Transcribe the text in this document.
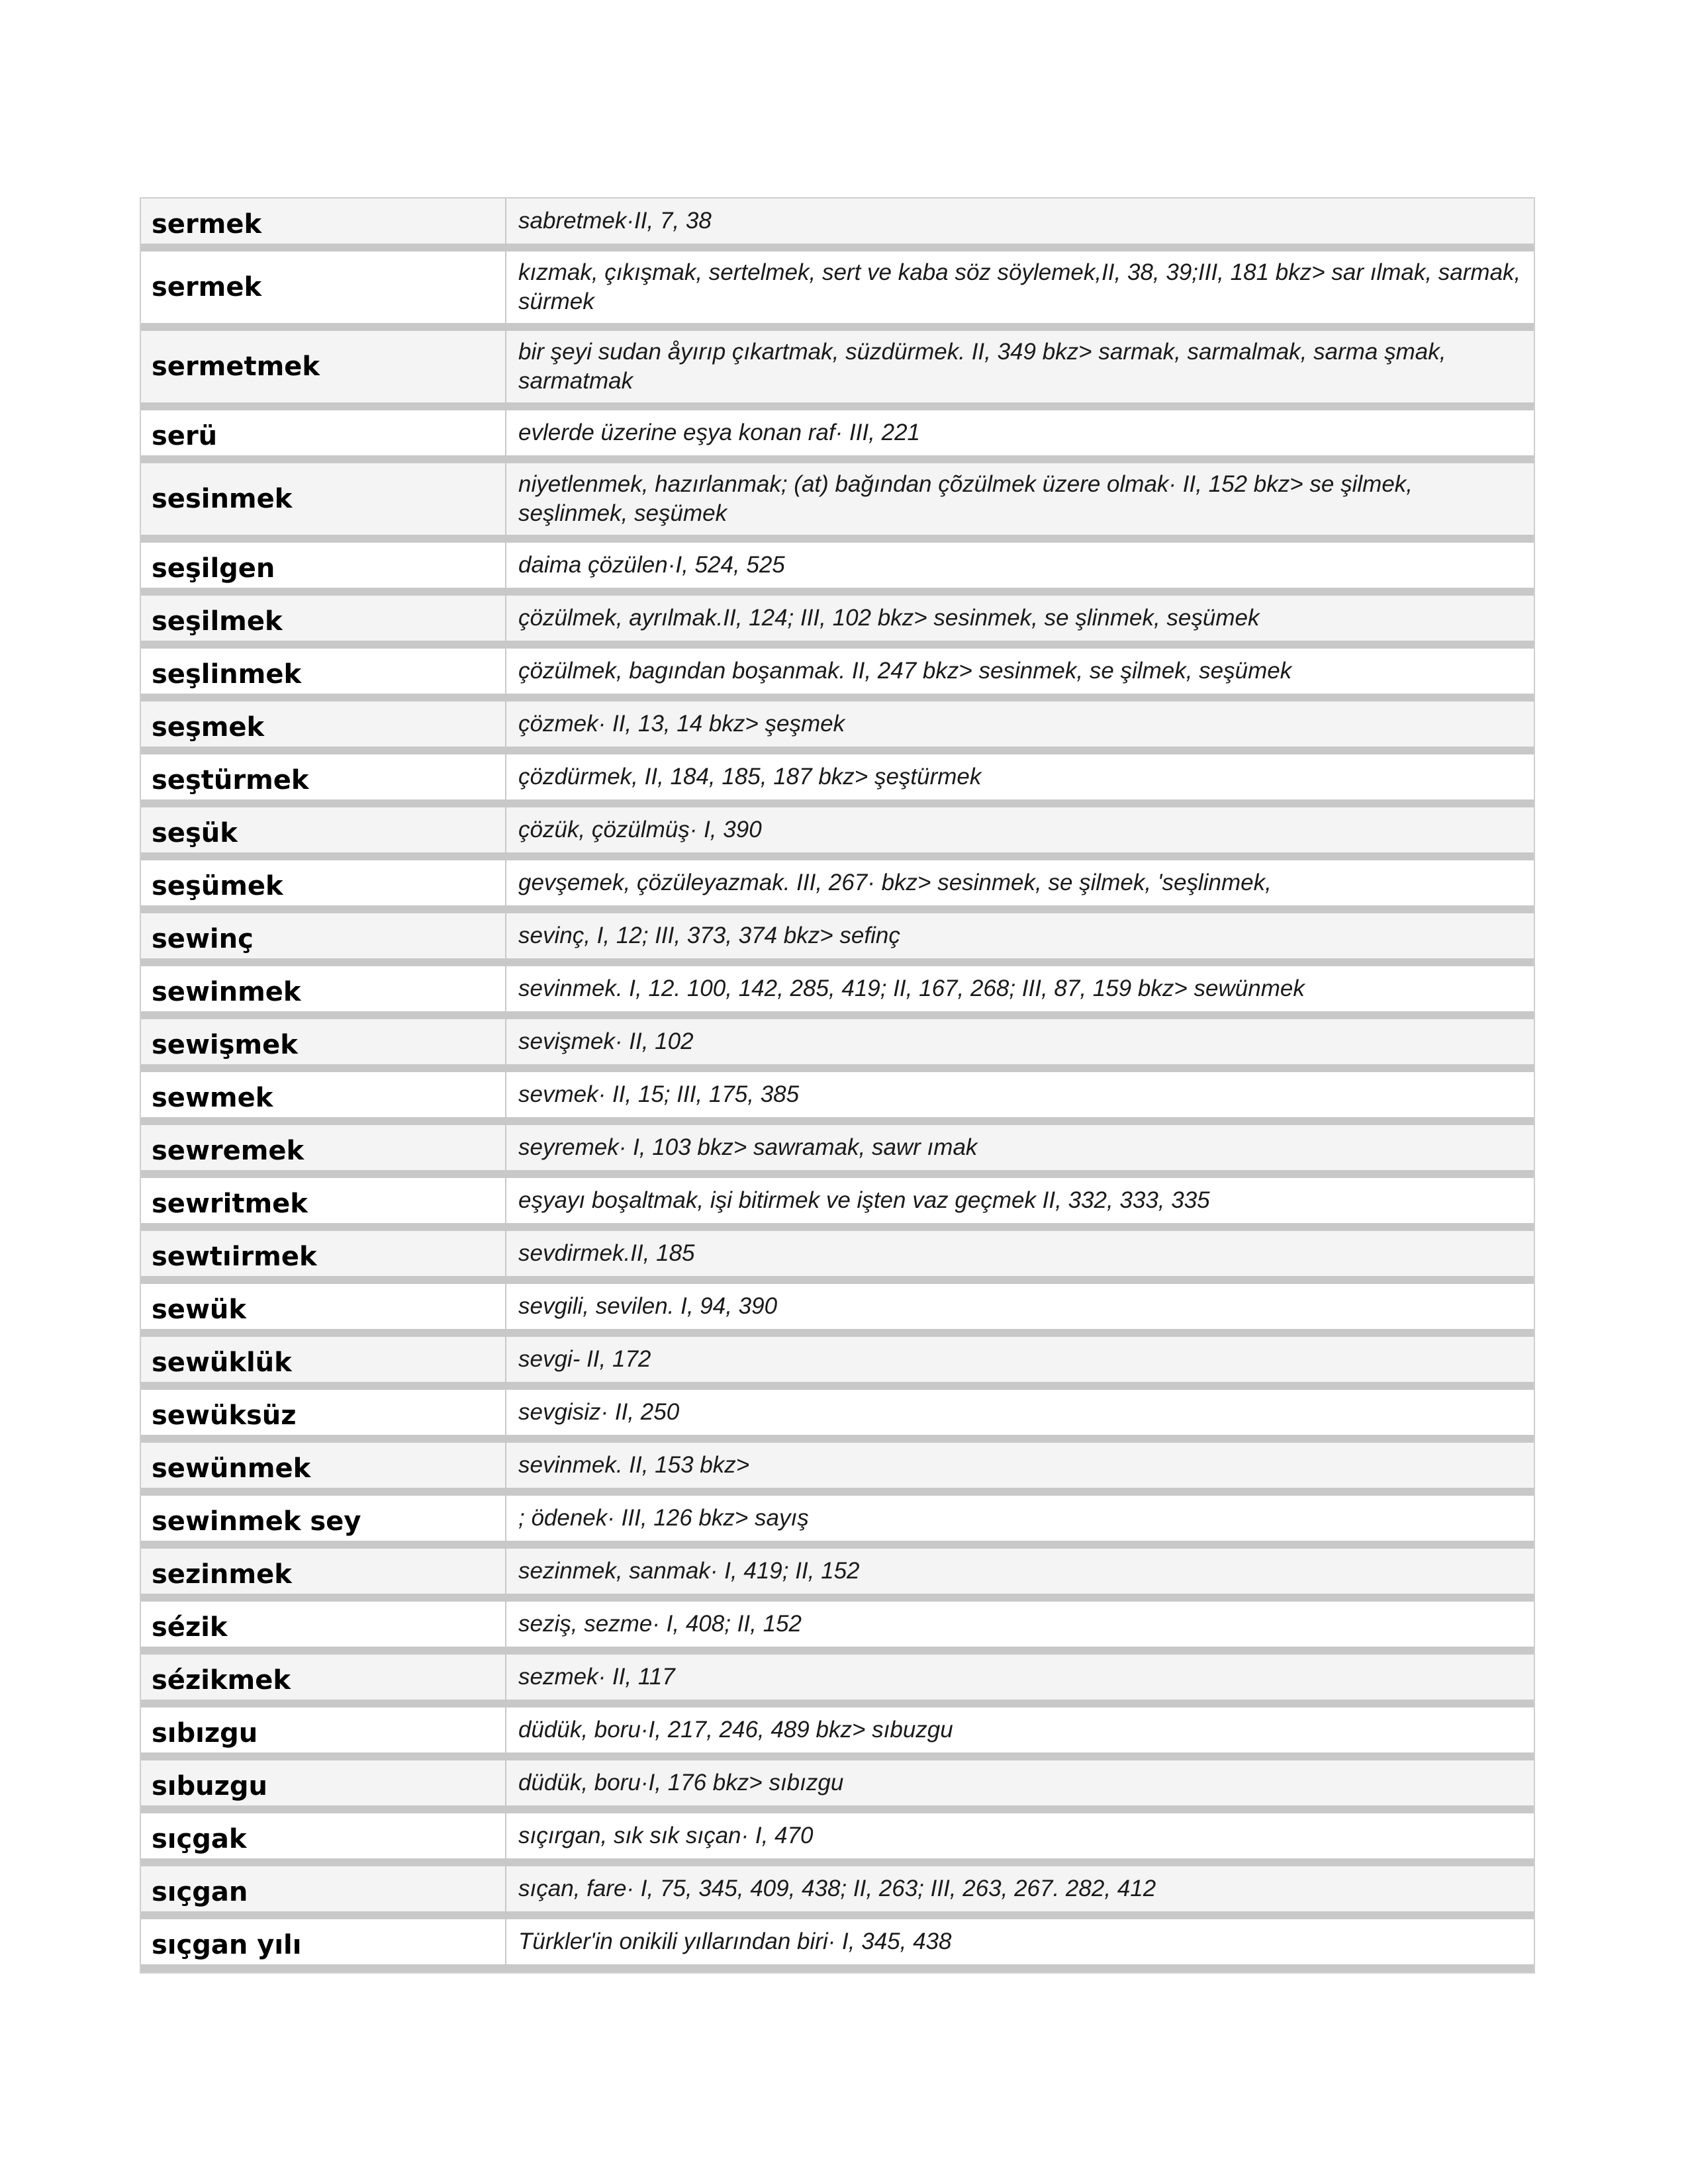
sermek	sabretmek·II, 7, 38
sermek	kızmak, çıkışmak, sertelmek, sert ve kaba söz söylemek,II, 38, 39;III, 181 bkz> sar ılmak, sarmak, sürmek
sermetmek	bir şeyi sudan åyırıp çıkartmak, süzdürmek. II, 349 bkz> sarmak, sarmalmak, sarma şmak, sarmatmak
serü	evlerde üzerine eşya konan raf· III, 221
sesinmek	niyetlenmek, hazırlanmak; (at) bağından çõzülmek üzere olmak· II, 152 bkz> se şilmek, seşlinmek, seşümek
seşilgen	daima çözülen·I, 524, 525
seşilmek	çözülmek, ayrılmak.II, 124; III, 102 bkz> sesinmek, se şlinmek, seşümek
seşlinmek	çözülmek, bagından boşanmak. II, 247 bkz> sesinmek, se şilmek, seşümek
seşmek	çözmek· II, 13, 14 bkz> şeşmek
seştürmek	çözdürmek, II, 184, 185, 187 bkz> şeştürmek
seşük	çözük, çözülmüş· I, 390
seşümek	gevşemek, çözüleyazmak. III, 267· bkz> sesinmek, se şilmek, 'seşlinmek,
sewinç	sevinç, I, 12; III, 373, 374 bkz> sefinç
sewinmek	sevinmek. I, 12. 100, 142, 285, 419; II, 167, 268; III, 87, 159 bkz> sewünmek
sewişmek	sevişmek· II, 102
sewmek	sevmek· II, 15; III, 175, 385
sewremek	seyremek· I, 103 bkz> sawramak, sawr ımak
sewritmek	eşyayı boşaltmak, işi bitirmek ve işten vaz geçmek II, 332, 333, 335
sewtıirmek	sevdirmek.II, 185
sewük	sevgili, sevilen. I, 94, 390
sewüklük	sevgi- II, 172
sewüksüz	sevgisiz· II, 250
sewünmek	sevinmek. II, 153 bkz>
sewinmek sey	; ödenek· III, 126 bkz> sayış
sezinmek	sezinmek, sanmak· I, 419; II, 152
sézik	seziş, sezme· I, 408; II, 152
sézikmek	sezmek· II, 117
sıbızgu	düdük, boru·I, 217, 246, 489 bkz> sıbuzgu
sıbuzgu	düdük, boru·I, 176 bkz> sıbızgu
sıçgak	sıçırgan, sık sık sıçan· I, 470
sıçgan	sıçan, fare· I, 75, 345, 409, 438; II, 263; III, 263, 267. 282, 412
sıçgan yılı	Türkler'in onikili yıllarından biri· I, 345, 438
